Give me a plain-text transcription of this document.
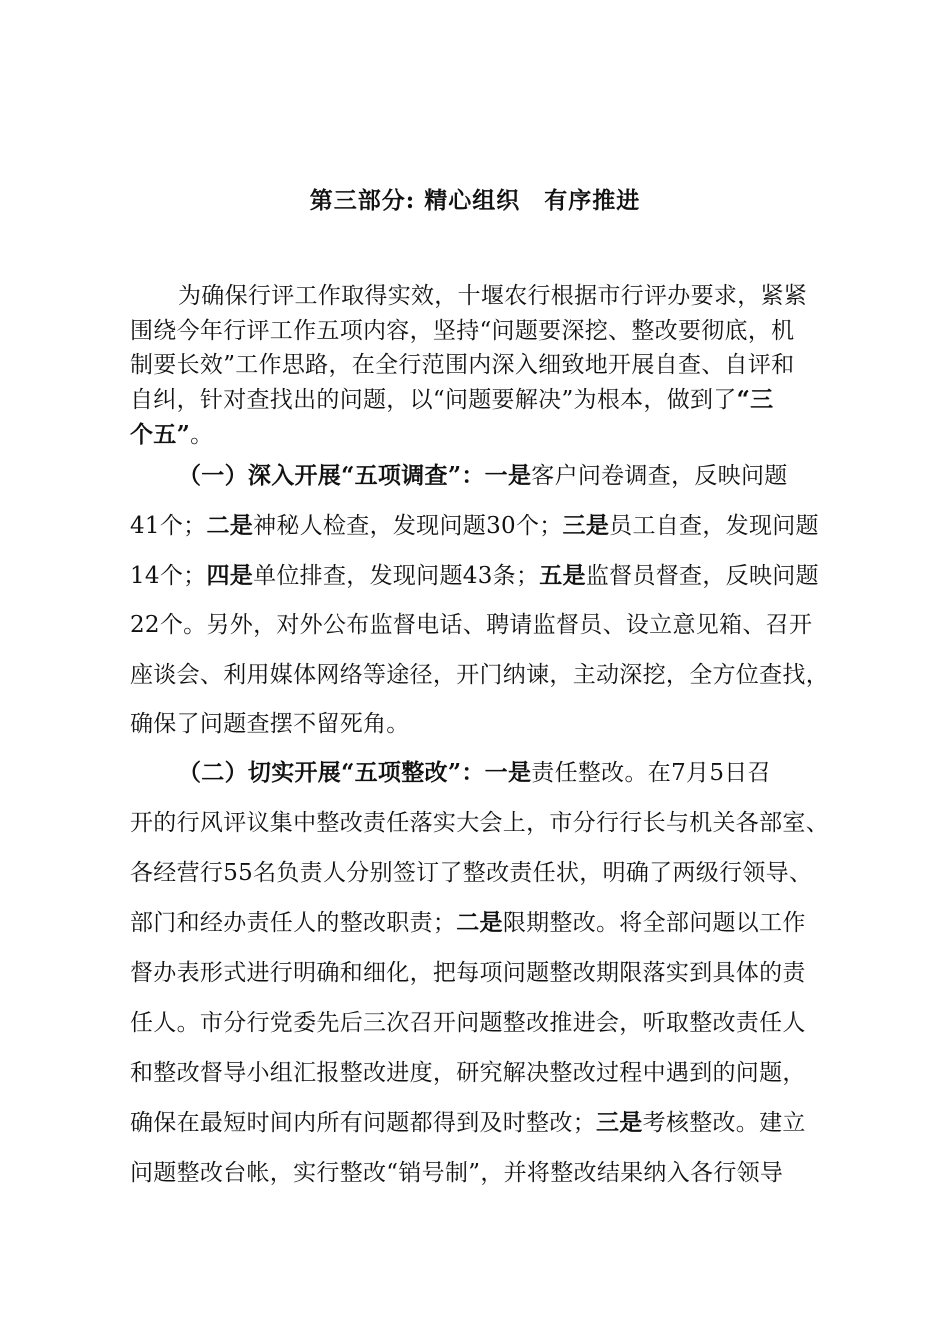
第三部分: 精心组织　有序推进
为确保行评工作取得实效，十堰农行根据市行评办要求，紧紧
围绕今年行评工作五项内容，坚持“问题要深挖、整改要彻底，机
制要长效”工作思路，在全行范围内深入细致地开展自查、自评和
自纠，针对查找出的问题，以“问题要解决”为根本，做到了“三
个五”。
（一）深入开展“五项调查”：一是客户问卷调查，反映问题
41个；二是神秘人检查，发现问题30个；三是员工自查，发现问题
14个；四是单位排查，发现问题43条；五是监督员督查，反映问题
22个。另外，对外公布监督电话、聘请监督员、设立意见箱、召开
座谈会、利用媒体网络等途径，开门纳谏，主动深挖，全方位查找，
确保了问题查摆不留死角。
（二）切实开展“五项整改”：一是责任整改。在7月5日召
开的行风评议集中整改责任落实大会上，市分行行长与机关各部室、
各经营行55名负责人分别签订了整改责任状，明确了两级行领导、
部门和经办责任人的整改职责；二是限期整改。将全部问题以工作
督办表形式进行明确和细化，把每项问题整改期限落实到具体的责
任人。市分行党委先后三次召开问题整改推进会，听取整改责任人
和整改督导小组汇报整改进度，研究解决整改过程中遇到的问题，
确保在最短时间内所有问题都得到及时整改；三是考核整改。建立
问题整改台帐，实行整改“销号制”，并将整改结果纳入各行领导
